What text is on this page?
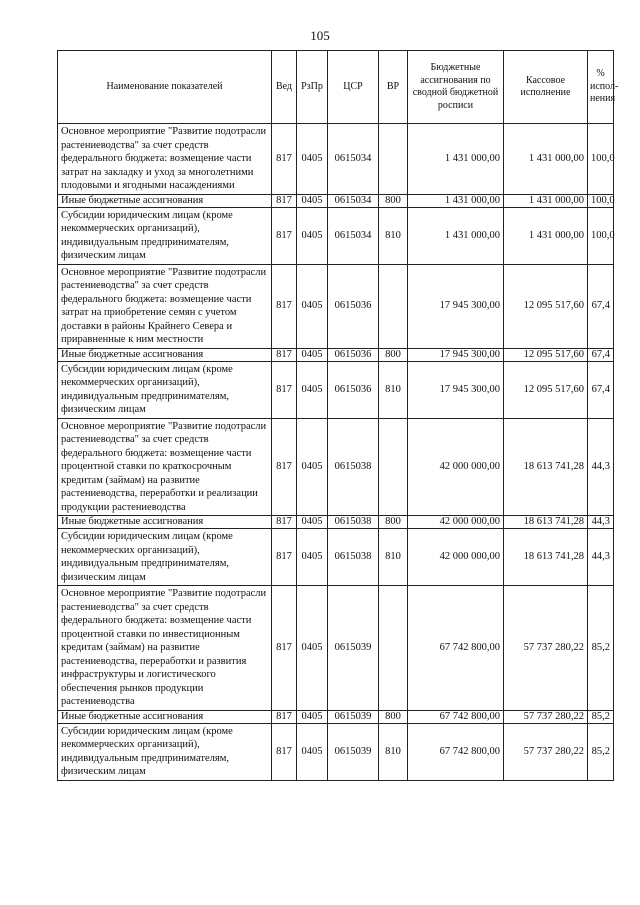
105
Наименование показателей	Вед	РзПр	ЦСР	ВР	Бюджетные ассигнования по сводной бюджетной росписи	Кассовое исполнение	% испол-нения
Основное мероприятие "Развитие подотрасли растениеводства" за счет средств федерального бюджета: возмещение части затрат на закладку и уход за многолетними плодовыми и ягодными насаждениями	817	0405	0615034		1 431 000,00	1 431 000,00	100,0
Иные бюджетные ассигнования	817	0405	0615034	800	1 431 000,00	1 431 000,00	100,0
Субсидии юридическим лицам (кроме некоммерческих организаций), индивидуальным предпринимателям, физическим лицам	817	0405	0615034	810	1 431 000,00	1 431 000,00	100,0
Основное мероприятие "Развитие подотрасли растениеводства" за счет средств федерального бюджета: возмещение части затрат на приобретение семян с учетом доставки в районы Крайнего Севера и приравненные к ним местности	817	0405	0615036		17 945 300,00	12 095 517,60	67,4
Иные бюджетные ассигнования	817	0405	0615036	800	17 945 300,00	12 095 517,60	67,4
Субсидии юридическим лицам (кроме некоммерческих организаций), индивидуальным предпринимателям, физическим лицам	817	0405	0615036	810	17 945 300,00	12 095 517,60	67,4
Основное мероприятие "Развитие подотрасли растениеводства" за счет средств федерального бюджета: возмещение части процентной ставки по краткосрочным кредитам (займам) на развитие растениеводства, переработки и реализации продукции растениеводства	817	0405	0615038		42 000 000,00	18 613 741,28	44,3
Иные бюджетные ассигнования	817	0405	0615038	800	42 000 000,00	18 613 741,28	44,3
Субсидии юридическим лицам (кроме некоммерческих организаций), индивидуальным предпринимателям, физическим лицам	817	0405	0615038	810	42 000 000,00	18 613 741,28	44,3
Основное мероприятие "Развитие подотрасли растениеводства" за счет средств федерального бюджета: возмещение части процентной ставки по инвестиционным кредитам (займам) на развитие растениеводства, переработки и развития инфраструктуры и логистического обеспечения рынков продукции растениеводства	817	0405	0615039		67 742 800,00	57 737 280,22	85,2
Иные бюджетные ассигнования	817	0405	0615039	800	67 742 800,00	57 737 280,22	85,2
Субсидии юридическим лицам (кроме некоммерческих организаций), индивидуальным предпринимателям, физическим лицам	817	0405	0615039	810	67 742 800,00	57 737 280,22	85,2
